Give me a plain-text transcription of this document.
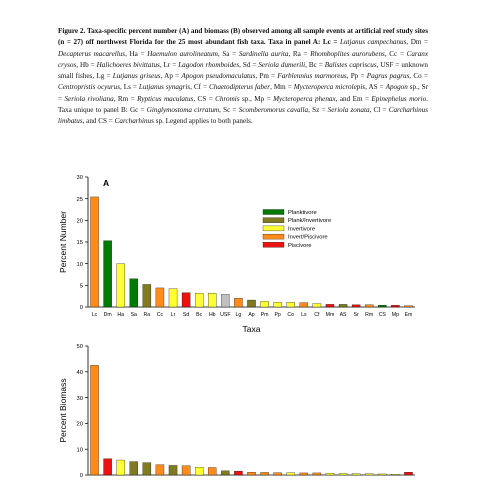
Figure 2. Taxa-specific percent number (A) and biomass (B) observed among all sample events at artificial reef study sites (n = 27) off northwest Florida for the 25 most abundant fish taxa. Taxa in panel A: Lc = Lutjanus campechanus, Dm = Decapterus macarellus, Ha = Haemulon aurolineatum, Sa = Sardinella aurita, Ra = Rhomboplites aurorubens, Cc = Caranx crysos, Hb = Halichoeres bivittatus, Lr = Lagodon rhomboides, Sd = Seriola dumerili, Bc = Balistes capriscus, USF = unknown small fishes, Lg = Lutjanus griseus, Ap = Apogon pseudomaculatus, Pm = Farblennius marmoreus, Pp = Pagrus pagrus, Co = Centropristis ocyurus, Ls = Lutjanus synagris, Cf = Chaetodipterus faber, Mm = Mycteroperca microlepis, AS = Apogon sp., Sr = Seriola rivoliana, Rm = Rypticus maculatus, CS = Chromis sp., Mp = Mycteroperca phenax, and Em = Epinephelus morio. Taxa unique to panel B: Gc = Ginglymostoma cirratum, Sc = Scomberomorus cavalla, Sz = Seriola zonata, Cl = Carcharhinus limbatus, and CS = Carcharhinus sp. Legend applies to both panels.
0
5
10
15
20
25
30
Percent Number
Lc Dm Ha Sa Ra Cc Lr Sd Bc Hb USF Lg Ap Pm Pp Co Ls Cf Mm AS Sr Rm CS Mp Em
Taxa
A
Planktivore
Plank/Invertivore
Invertivore
Invert/Piscivore
Piscivore
0
10
20
30
40
50
Percent Biomass
